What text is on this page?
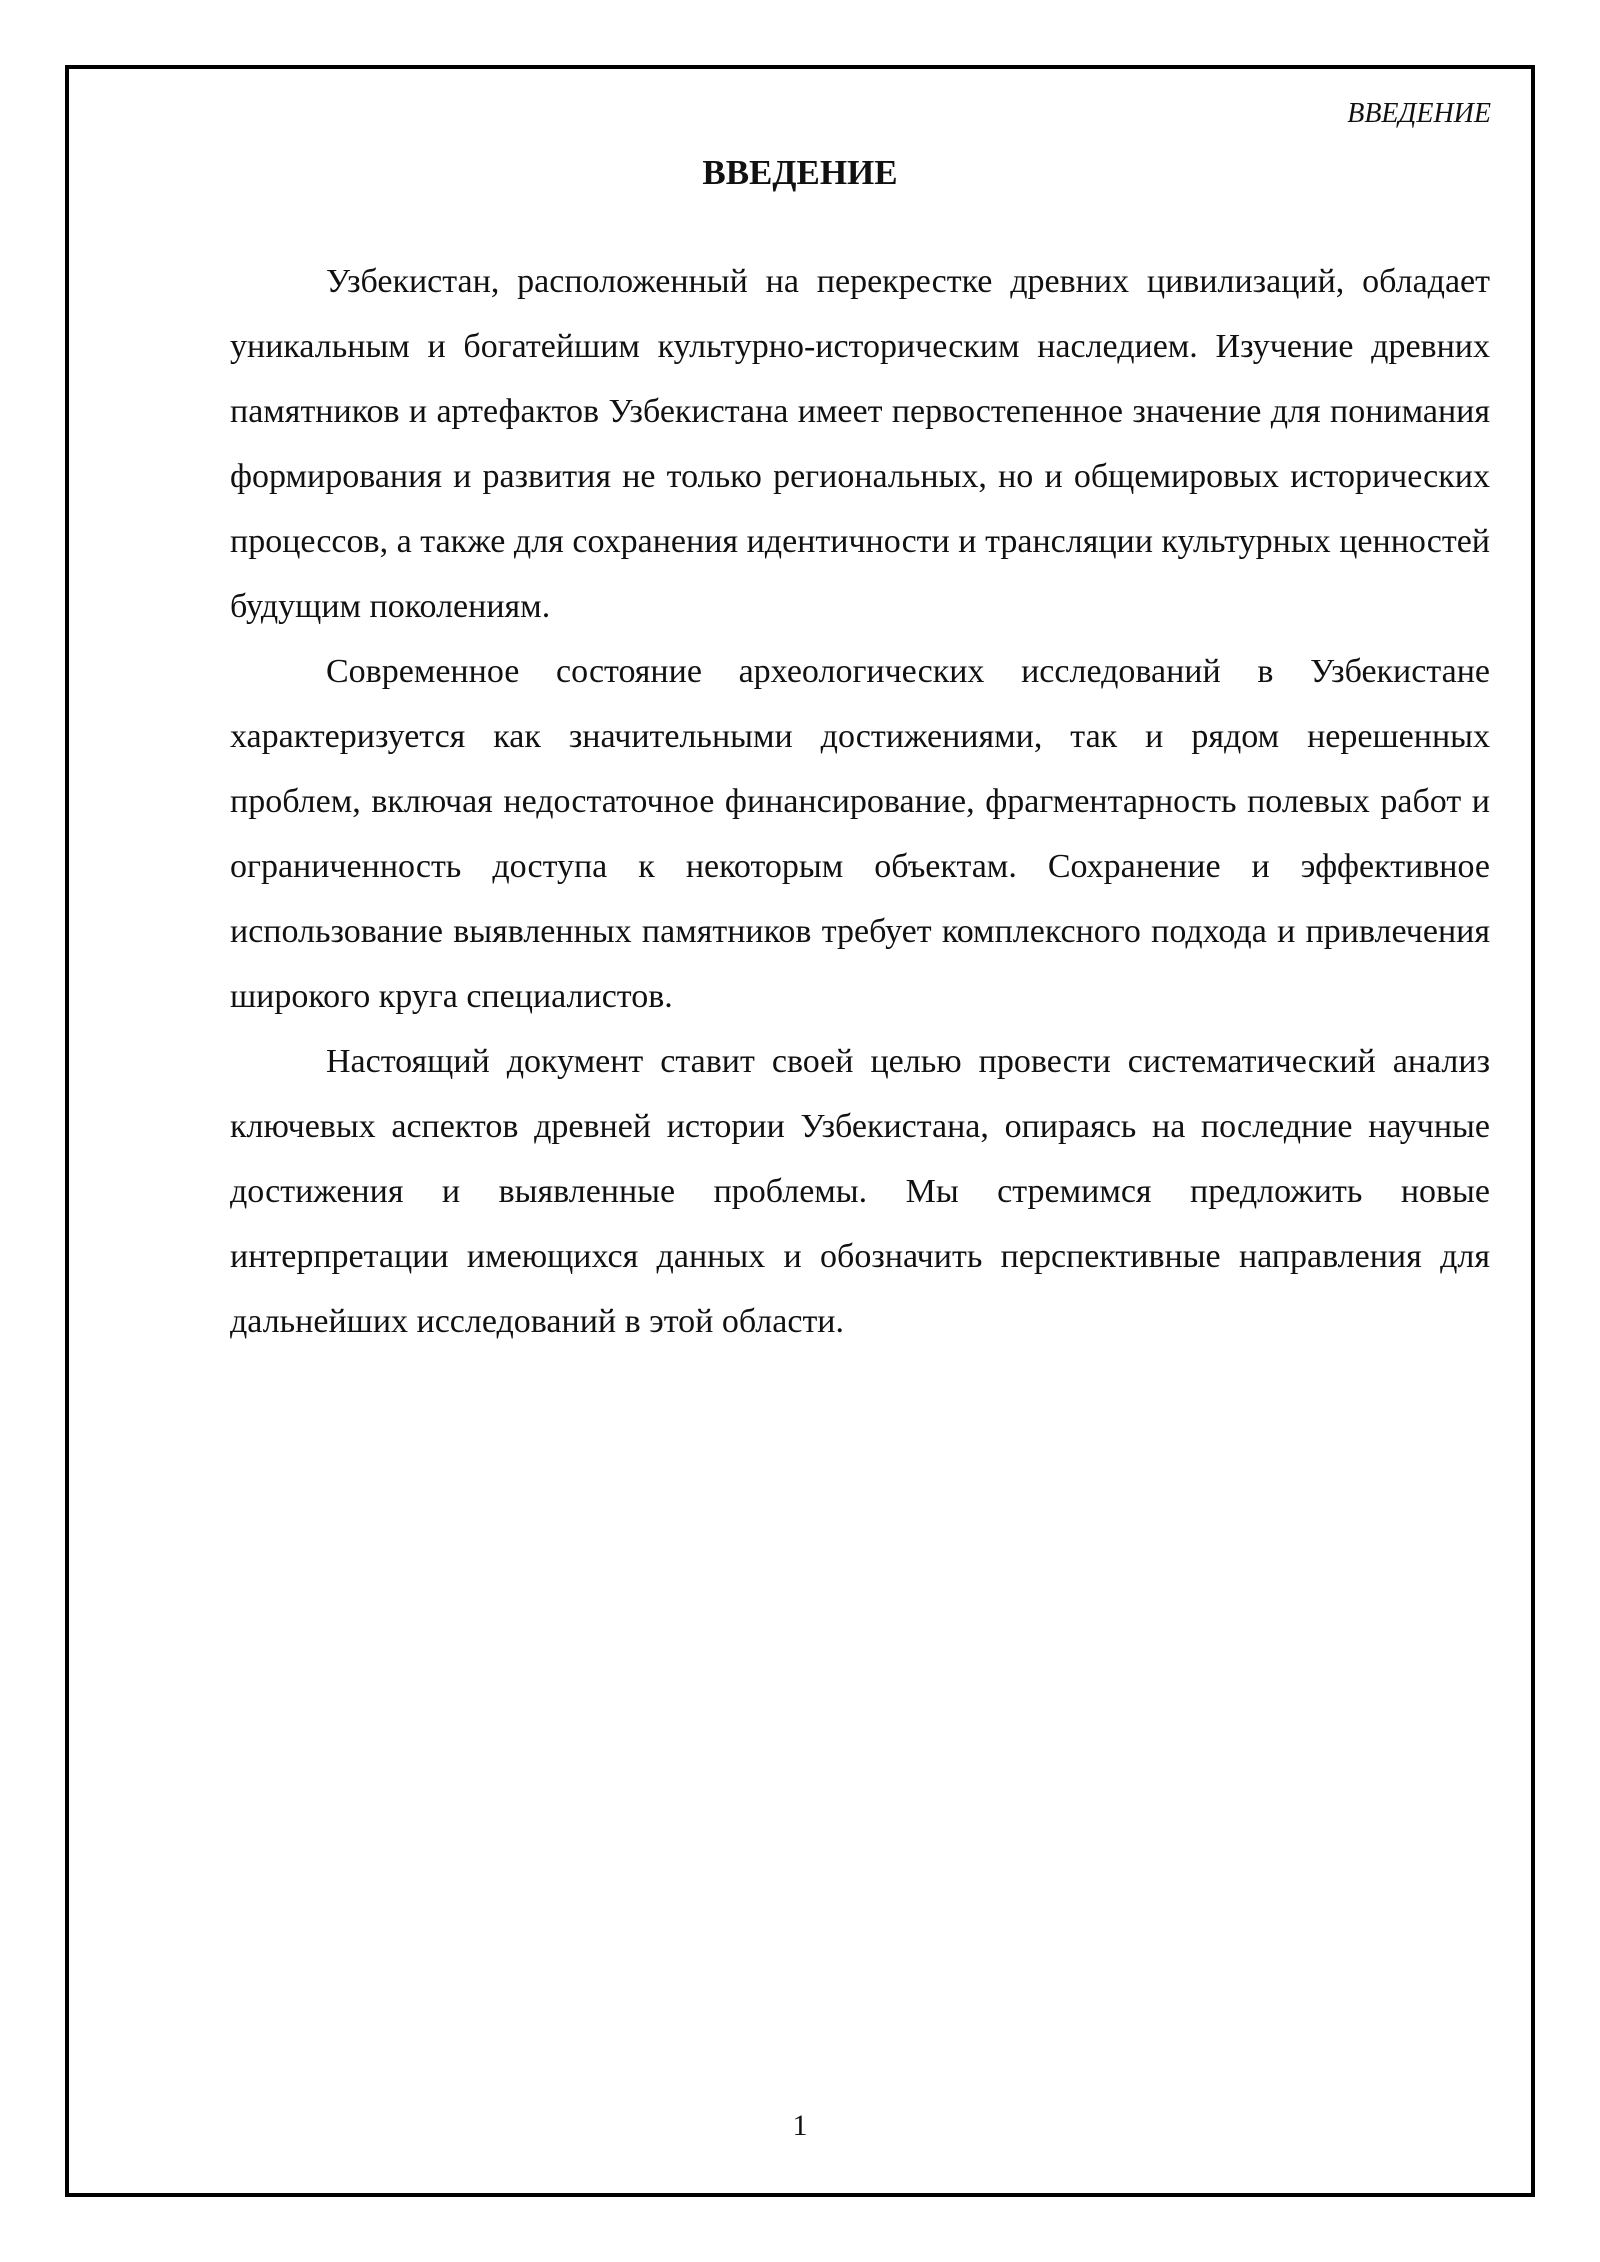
ВВЕДЕНИЕ
ВВЕДЕНИЕ

Узбекистан, расположенный на перекрестке древних цивилизаций, обладает уникальным и богатейшим культурно-историческим наследием. Изучение древних памятников и артефактов Узбекистана имеет первостепенное значение для понимания формирования и развития не только региональных, но и общемировых исторических процессов, а также для сохранения идентичности и трансляции культурных ценностей будущим поколениям.

Современное состояние археологических исследований в Узбекистане характеризуется как значительными достижениями, так и рядом нерешенных проблем, включая недостаточное финансирование, фрагментарность полевых работ и ограниченность доступа к некоторым объектам. Сохранение и эффективное использование выявленных памятников требует комплексного подхода и привлечения широкого круга специалистов.

Настоящий документ ставит своей целью провести систематический анализ ключевых аспектов древней истории Узбекистана, опираясь на последние научные достижения и выявленные проблемы. Мы стремимся предложить новые интерпретации имеющихся данных и обозначить перспективные направления для дальнейших исследований в этой области.

1
